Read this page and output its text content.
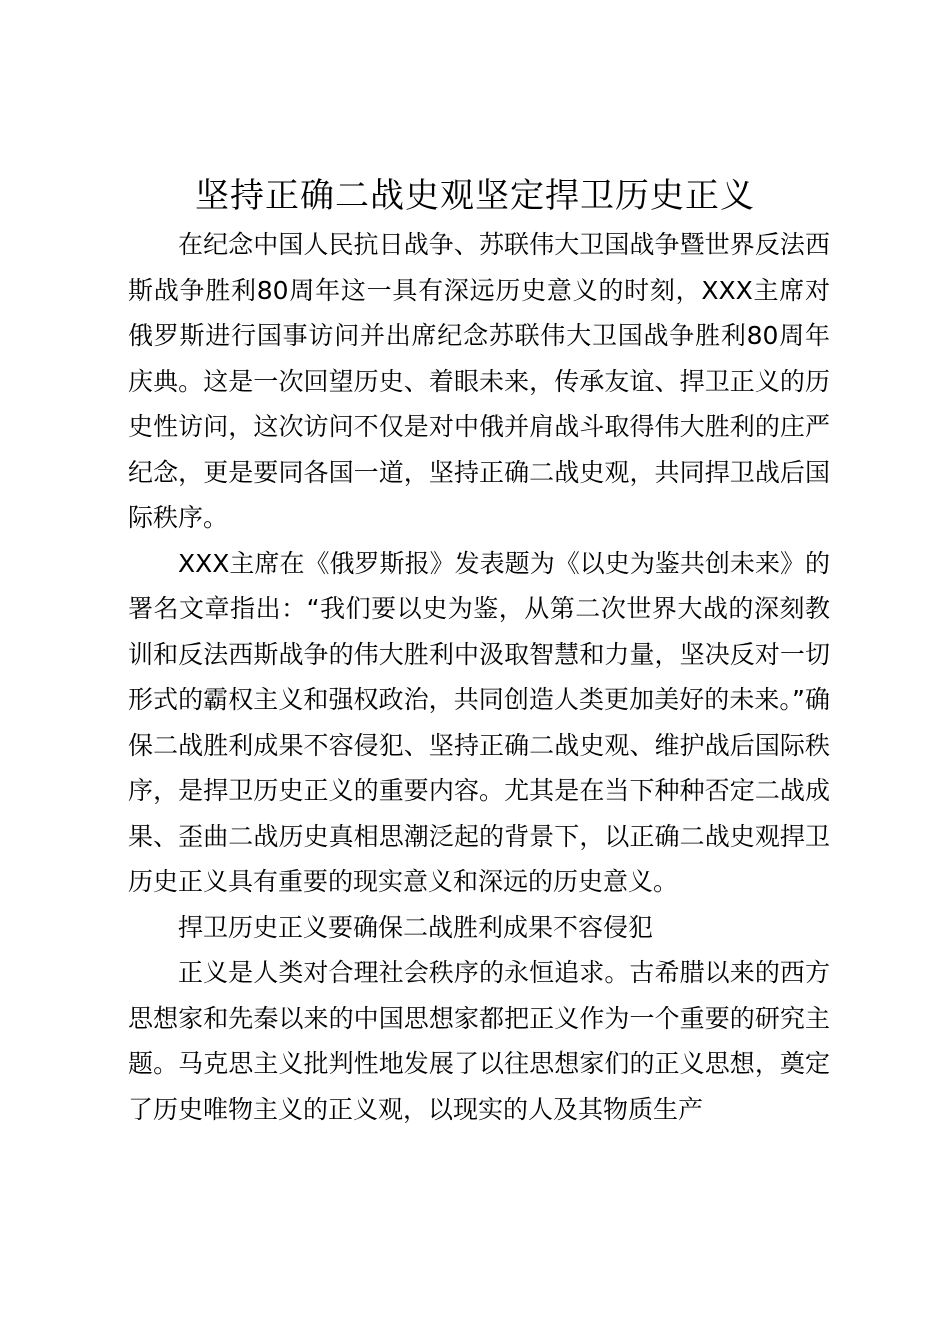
坚持正确二战史观坚定捍卫历史正义

在纪念中国人民抗日战争、苏联伟大卫国战争暨世界反法西斯战争胜利80周年这一具有深远历史意义的时刻，XXX主席对俄罗斯进行国事访问并出席纪念苏联伟大卫国战争胜利80周年庆典。这是一次回望历史、着眼未来，传承友谊、捍卫正义的历史性访问，这次访问不仅是对中俄并肩战斗取得伟大胜利的庄严纪念，更是要同各国一道，坚持正确二战史观，共同捍卫战后国际秩序。

XXX主席在《俄罗斯报》发表题为《以史为鉴共创未来》的署名文章指出：“我们要以史为鉴，从第二次世界大战的深刻教训和反法西斯战争的伟大胜利中汲取智慧和力量，坚决反对一切形式的霸权主义和强权政治，共同创造人类更加美好的未来。”确保二战胜利成果不容侵犯、坚持正确二战史观、维护战后国际秩序，是捍卫历史正义的重要内容。尤其是在当下种种否定二战成果、歪曲二战历史真相思潮泛起的背景下，以正确二战史观捍卫历史正义具有重要的现实意义和深远的历史意义。

捍卫历史正义要确保二战胜利成果不容侵犯

正义是人类对合理社会秩序的永恒追求。古希腊以来的西方思想家和先秦以来的中国思想家都把正义作为一个重要的研究主题。马克思主义批判性地发展了以往思想家们的正义思想，奠定了历史唯物主义的正义观，以现实的人及其物质生产
